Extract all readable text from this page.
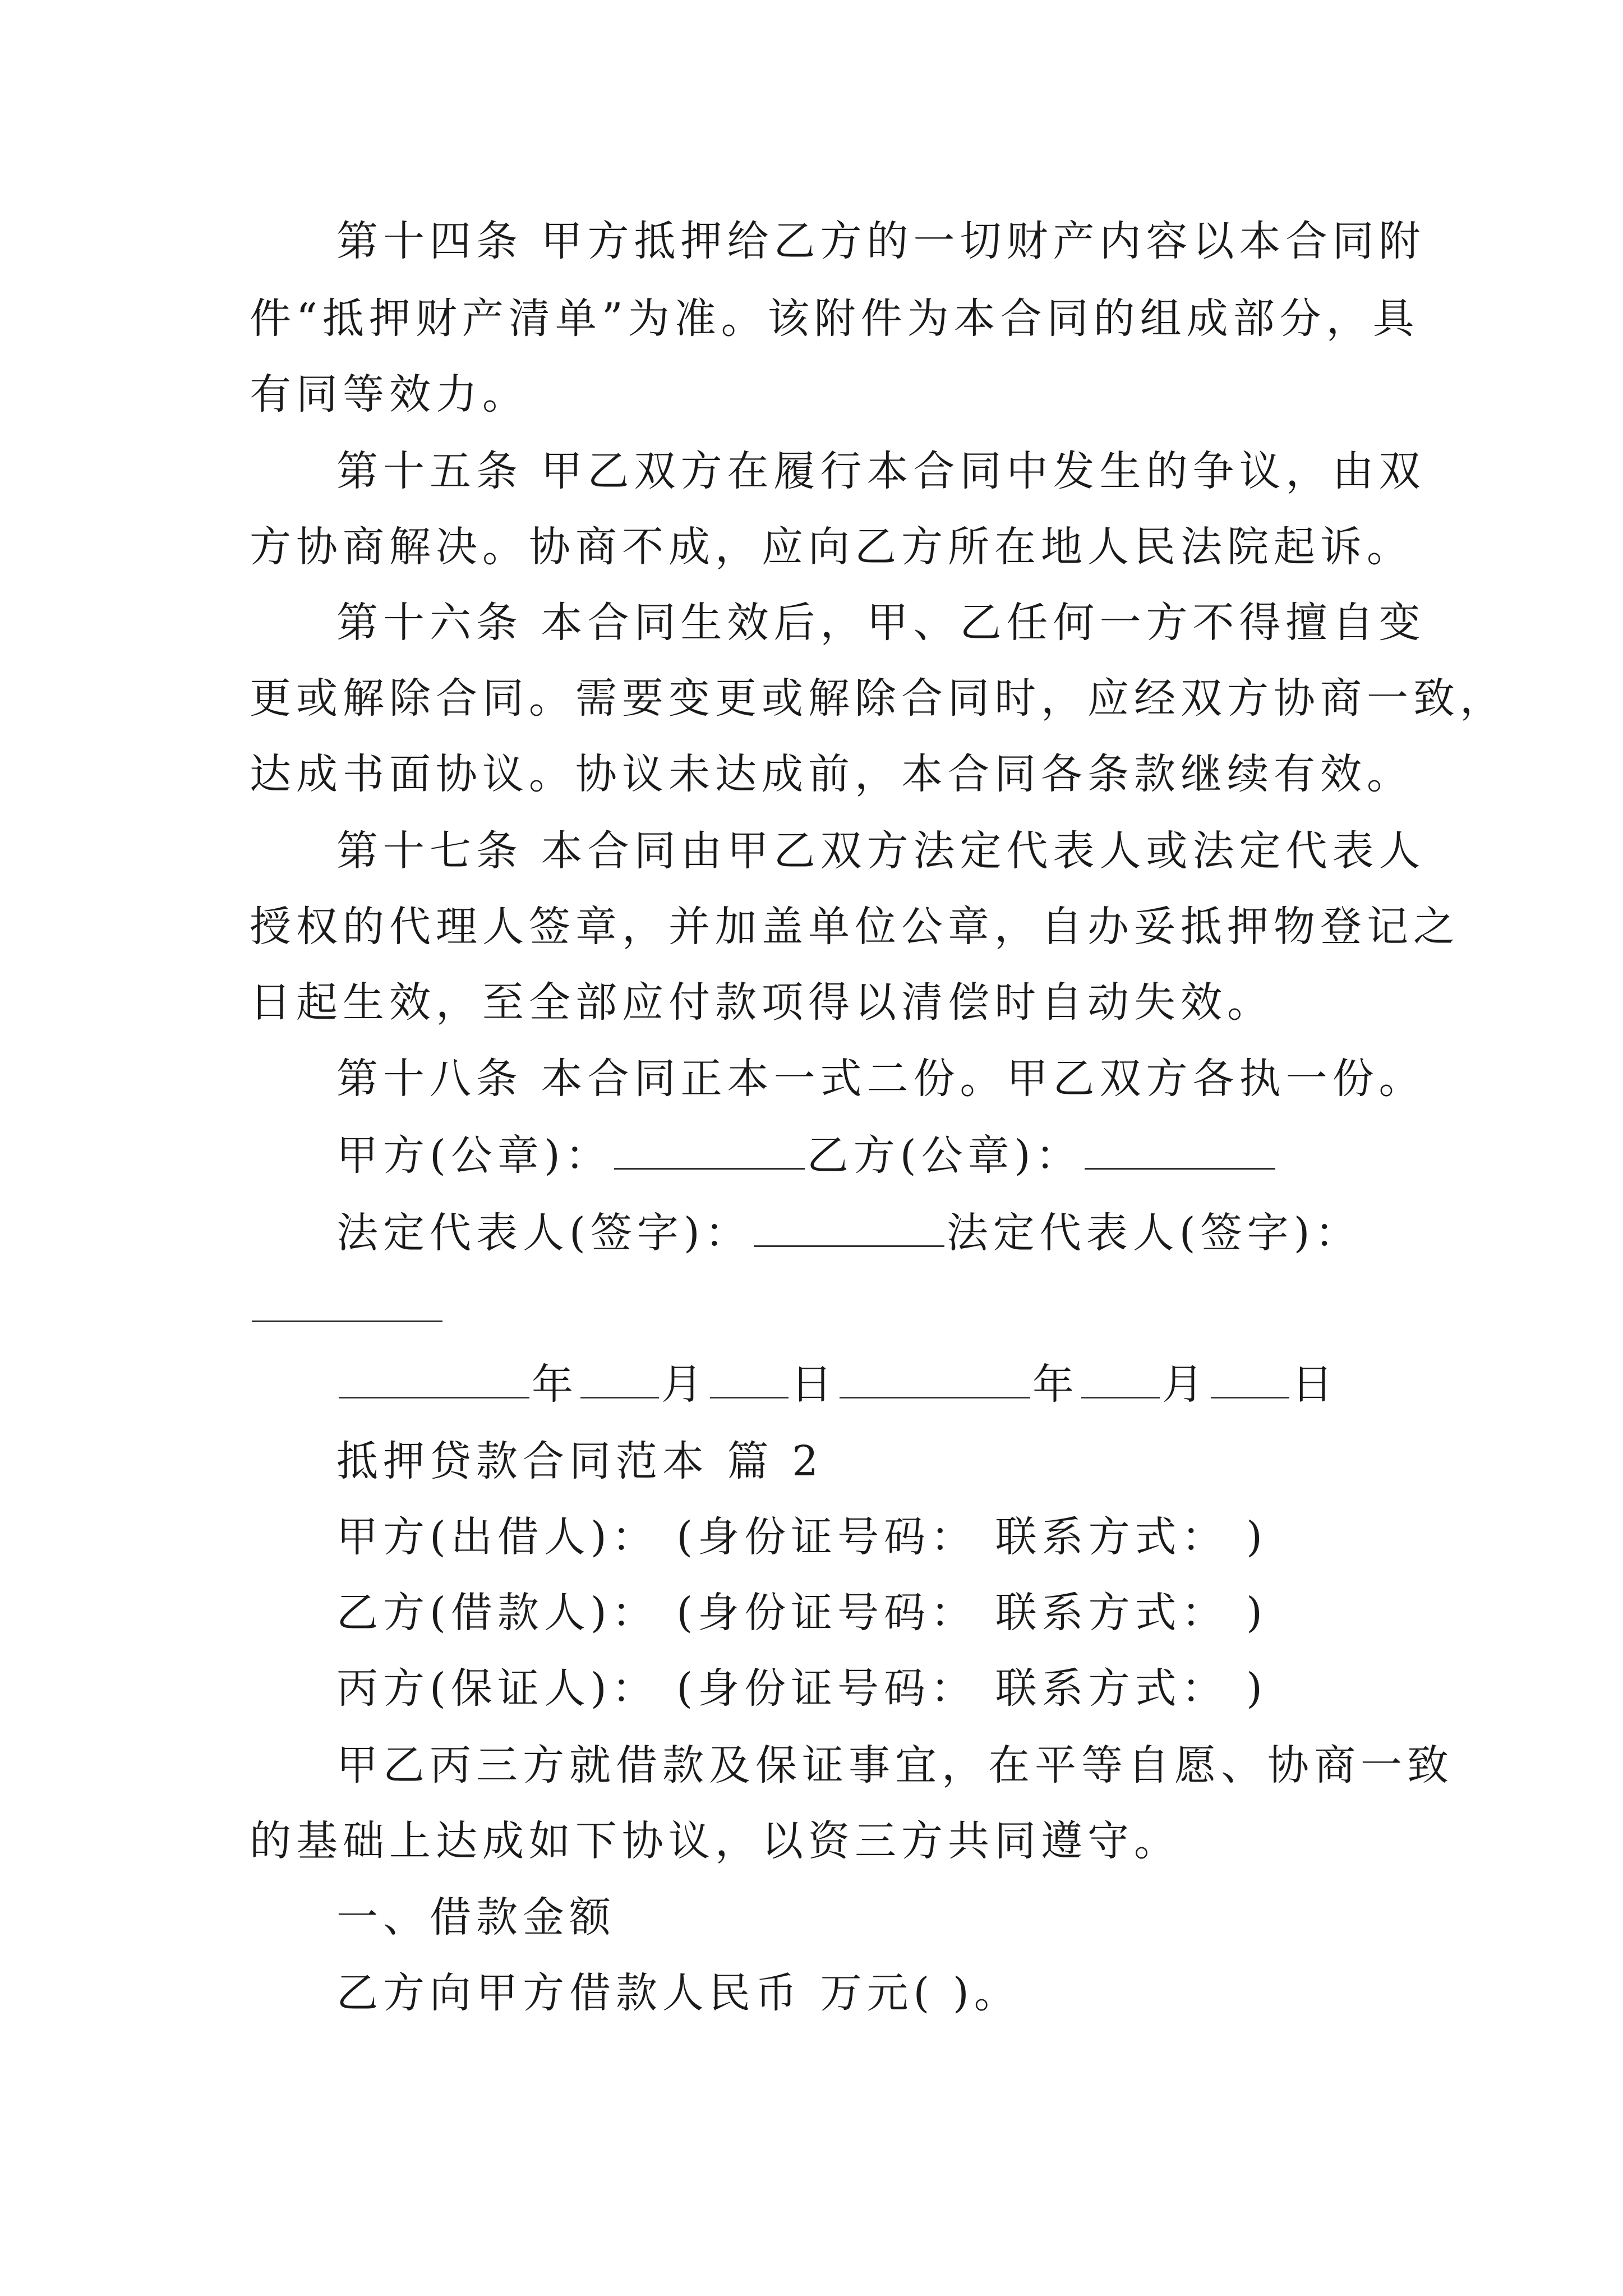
第十四条 甲方抵押给乙方的一切财产内容以本合同附
件“抵押财产清单”为准。该附件为本合同的组成部分，具
有同等效力。
第十五条 甲乙双方在履行本合同中发生的争议，由双
方协商解决。协商不成，应向乙方所在地人民法院起诉。
第十六条 本合同生效后，甲、乙任何一方不得擅自变
更或解除合同。需要变更或解除合同时，应经双方协商一致，
达成书面协议。协议未达成前，本合同各条款继续有效。
第十七条 本合同由甲乙双方法定代表人或法定代表人
授权的代理人签章，并加盖单位公章，自办妥抵押物登记之
日起生效，至全部应付款项得以清偿时自动失效。
第十八条 本合同正本一式二份。甲乙双方各执一份。
甲方(公章)：	乙方(公章)：
法定代表人(签字)：	法定代表人(签字)：
年 月 日	年 月 日
抵押贷款合同范本 篇 2
甲方(出借人)： (身份证号码： 联系方式： )
乙方(借款人)： (身份证号码： 联系方式： )
丙方(保证人)： (身份证号码： 联系方式： )
甲乙丙三方就借款及保证事宜，在平等自愿、协商一致
的基础上达成如下协议，以资三方共同遵守。
一、借款金额
乙方向甲方借款人民币 万元( )。
